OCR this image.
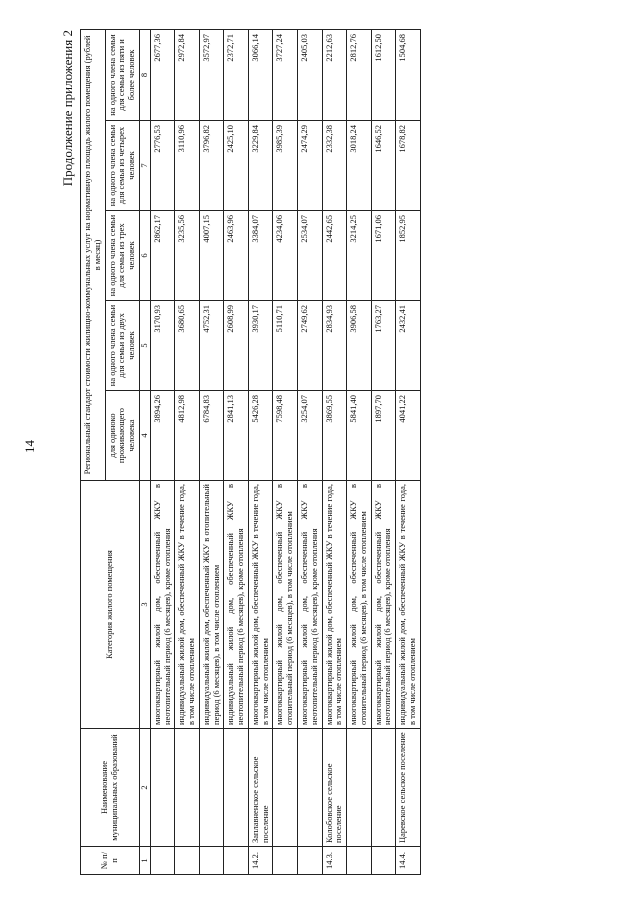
14
Продолжение приложения 2
№ п/п	Наименование муниципальных образований	Категория жилого помещения	Региональный стандарт стоимости жилищно-коммунальных услуг на нормативную площадь жилого помещения (рублей в месяц)				
			для одиноко проживающего человека	на одного члена семьи для семьи из двух человек	на одного члена семьи для семьи из трех человек	на одного члена семьи для семья из четырех человек	на одного члена семьи для семьи из пяти и более человек
1	2	3	4	5	6	7	8
		многоквартирный жилой дом, обеспеченный ЖКУ в неотопительный период (6 месяцев), кроме отопления	3894,26	3170,93	2862,17	2776,53	2677,36
		индивидуальный жилой дом, обеспеченный ЖКУ в течение года, в том числе отоплением	4812,98	3680,65	3235,56	3110,96	2972,84
		индивидуальный жилой дом, обеспеченный ЖКУ в отопительный период (6 месяцев), в том числе отоплением	6784,83	4752,31	4007,15	3796,82	3572,97
		индивидуальный жилой дом, обеспеченный ЖКУ в неотопительный период (6 месяцев), кроме отопления	2841,13	2608,99	2463,96	2425,10	2372,71
14.2.	Заплавненское сельское поселение	многоквартирный жилой дом, обеспеченный ЖКУ в течение года, в том числе отоплением	5426,28	3930,17	3384,07	3229,84	3066,14
		многоквартирный жилой дом, обеспеченный ЖКУ в отопительный период (6 месяцев), в том числе отоплением	7598,48	5110,71	4234,06	3985,39	3727,24
		многоквартирный жилой дом, обеспеченный ЖКУ в неотопительный период (6 месяцев), кроме отопления	3254,07	2749,62	2534,07	2474,29	2405,03
14.3.	Колобовское сельское поселение	многоквартирный жилой дом, обеспеченный ЖКУ в течение года, в том числе отоплением	3869,55	2834,93	2442,65	2332,38	2212,63
		многоквартирный жилой дом, обеспеченный ЖКУ в отопительный период (6 месяцев), в том числе отоплением	5841,40	3906,58	3214,25	3018,24	2812,76
		многоквартирный жилой дом, обеспеченный ЖКУ в неотопительный период (6 месяцев), кроме отопления	1897,70	1763,27	1671,06	1646,52	1612,50
14.4.	Царевское сельское поселение	индивидуальный жилой дом, обеспеченный ЖКУ в течение года, в том числе отоплением	4041,22	2432,41	1852,95	1678,82	1504,68
